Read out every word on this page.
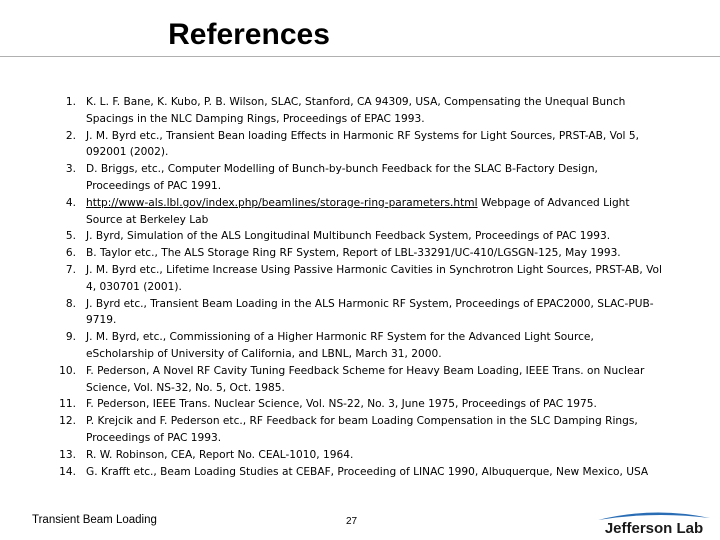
References
1. K. L. F. Bane, K. Kubo, P. B. Wilson, SLAC, Stanford, CA 94309, USA, Compensating the Unequal Bunch Spacings in the NLC Damping Rings, Proceedings of EPAC 1993.
2. J. M. Byrd etc., Transient Bean loading Effects in Harmonic RF Systems for Light Sources, PRST-AB, Vol 5, 092001 (2002).
3. D. Briggs, etc., Computer Modelling of Bunch-by-bunch Feedback for the SLAC B-Factory Design, Proceedings of PAC 1991.
4. http://www-als.lbl.gov/index.php/beamlines/storage-ring-parameters.html Webpage of Advanced Light Source at Berkeley Lab
5. J. Byrd, Simulation of the ALS Longitudinal Multibunch Feedback System, Proceedings of PAC 1993.
6. B. Taylor etc., The ALS Storage Ring RF System, Report of LBL-33291/UC-410/LGSGN-125, May 1993.
7. J. M. Byrd etc., Lifetime Increase Using Passive Harmonic Cavities in Synchrotron Light Sources, PRST-AB, Vol 4, 030701 (2001).
8. J. Byrd etc., Transient Beam Loading in the ALS Harmonic RF System, Proceedings of EPAC2000, SLAC-PUB-9719.
9. J. M. Byrd, etc., Commissioning of a Higher Harmonic RF System for the Advanced Light Source, eScholarship of University of California, and LBNL, March 31, 2000.
10. F. Pederson, A Novel RF Cavity Tuning Feedback Scheme for Heavy Beam Loading, IEEE Trans. on Nuclear Science, Vol. NS-32, No. 5, Oct. 1985.
11. F. Pederson, IEEE Trans. Nuclear Science, Vol. NS-22, No. 3, June 1975, Proceedings of PAC 1975.
12. P. Krejcik and F. Pederson etc., RF Feedback for beam Loading Compensation in the SLC Damping Rings, Proceedings of PAC 1993.
13. R. W. Robinson, CEA, Report No. CEAL-1010, 1964.
14. G. Krafft etc., Beam Loading Studies at CEBAF, Proceeding of LINAC 1990, Albuquerque, New Mexico, USA
Transient Beam Loading	27	Jefferson Lab
